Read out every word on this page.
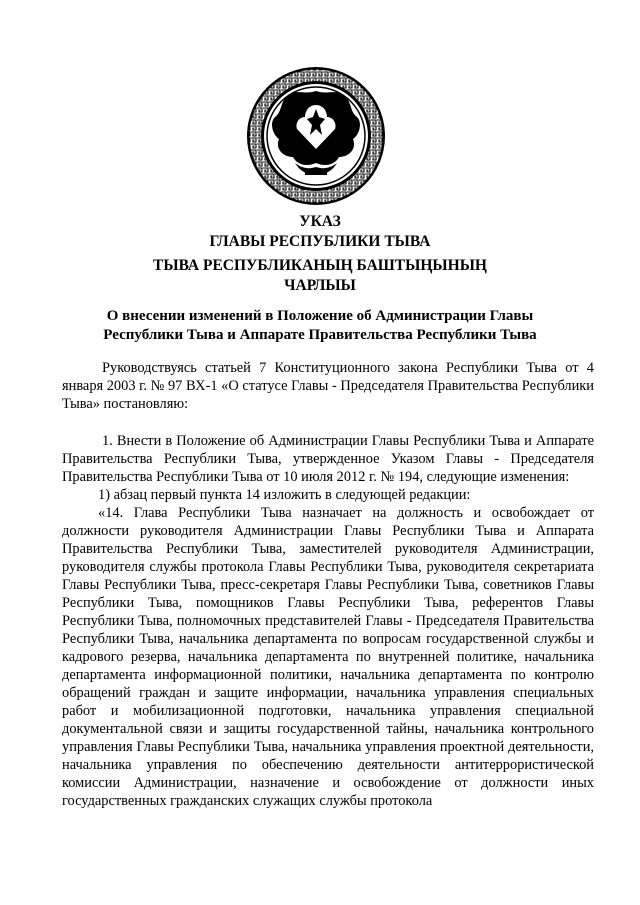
УКАЗ
ГЛАВЫ РЕСПУБЛИКИ ТЫВА
ТЫВА РЕСПУБЛИКАНЫҢ БАШТЫҢЫНЫҢ
ЧАРЛЫЫ
О внесении изменений в Положение об Администрации Главы
Республики Тыва и Аппарате Правительства Республики Тыва

Руководствуясь статьей 7 Конституционного закона Республики Тыва от 4 января 2003 г. № 97 ВХ-1 «О статусе Главы - Председателя Правительства Республики Тыва» постановляю:

1. Внести в Положение об Администрации Главы Республики Тыва и Аппарате Правительства Республики Тыва, утвержденное Указом Главы - Председателя Правительства Республики Тыва от 10 июля 2012 г. № 194, следующие изменения:

1) абзац первый пункта 14 изложить в следующей редакции:

«14. Глава Республики Тыва назначает на должность и освобождает от должности руководителя Администрации Главы Республики Тыва и Аппарата Правительства Республики Тыва, заместителей руководителя Администрации, руководителя службы протокола Главы Республики Тыва, руководителя секретариата Главы Республики Тыва, пресс-секретаря Главы Республики Тыва, советников Главы Республики Тыва, помощников Главы Республики Тыва, референтов Главы Республики Тыва, полномочных представителей Главы - Председателя Правительства Республики Тыва, начальника департамента по вопросам государственной службы и кадрового резерва, начальника департамента по внутренней политике, начальника департамента информационной политики, начальника департамента по контролю обращений граждан и защите информации, начальника управления специальных работ и мобилизационной подготовки, начальника управления специальной документальной связи и защиты государственной тайны, начальника контрольного управления Главы Республики Тыва, начальника управления проектной деятельности, начальника управления по обеспечению деятельности антитеррористической комиссии Администрации, назначение и освобождение от должности иных государственных гражданских служащих службы протокола
